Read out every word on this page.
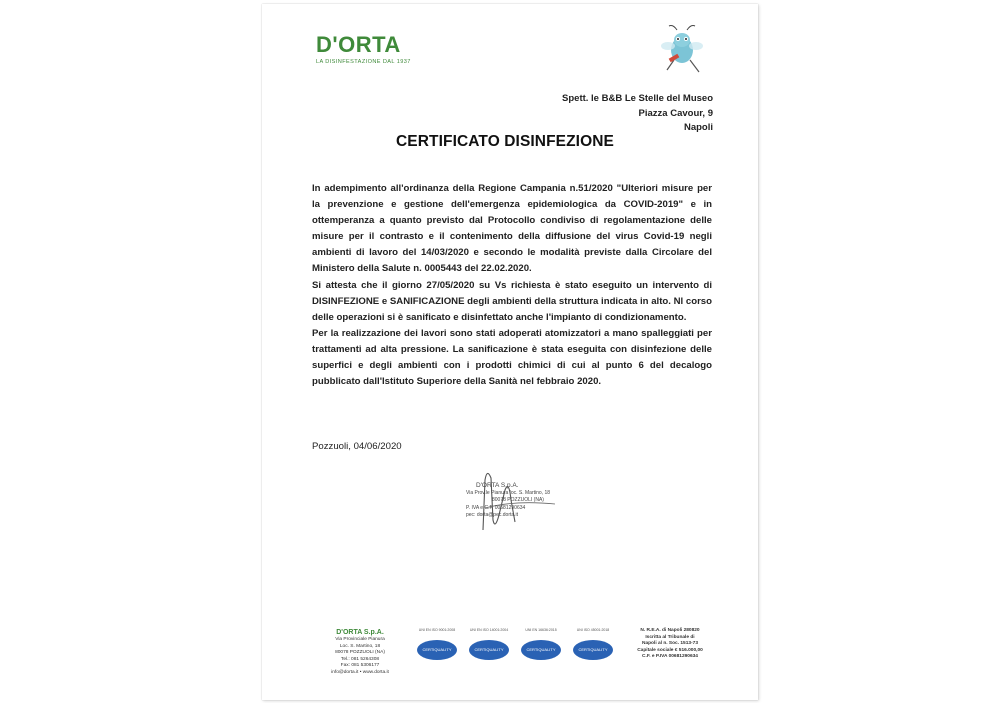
D'ORTA
LA DISINFESTAZIONE DAL 1937
Spett. le B&B Le Stelle del Museo
Piazza Cavour, 9
Napoli
CERTIFICATO DISINFEZIONE

In adempimento all'ordinanza della Regione Campania n.51/2020 "Ulteriori misure per la prevenzione e gestione dell'emergenza epidemiologica da COVID-2019" e in ottemperanza a quanto previsto dal Protocollo condiviso di regolamentazione delle misure per il contrasto e il contenimento della diffusione del virus Covid-19 negli ambienti di lavoro del 14/03/2020 e secondo le modalità previste dalla Circolare del Ministero della Salute n. 0005443 del 22.02.2020.

Si attesta che il giorno 27/05/2020 su Vs richiesta è stato eseguito un intervento di DISINFEZIONE e SANIFICAZIONE degli ambienti della struttura indicata in alto. Nl corso delle operazioni si è sanificato e disinfettato anche l'impianto di condizionamento.

Per la realizzazione dei lavori sono stati adoperati atomizzatori a mano spalleggiati per trattamenti ad alta pressione. La sanificazione è stata eseguita con disinfezione delle superfici e degli ambienti con i prodotti chimici di cui al punto 6 del decalogo pubblicato dall'Istituto Superiore della Sanità nel febbraio 2020.

Pozzuoli, 04/06/2020
D'ORTA S.p.A.
Via Prov.le Pianura loc. S. Martino, 18
80078 POZZUOLI (NA)
P. IVA e C.F. 00681290634
pec: dorta@pec.dorta.it
D'ORTA S.p.A.
Via Provinciale Pianura
Loc. S. Martino, 18
80078 POZZUOLI (NA)
Tel.: 081 5264308
Fax: 081 5306177
info@dorta.it • www.dorta.it
UNI EN ISO 9001:2008
CERTIQUALITY
UNI EN ISO 14001:2004
CERTIQUALITY
UNI EN 16636:2015
CERTIQUALITY
UNI ISO 45001:2018
CERTIQUALITY
N. R.E.A. di Napoli 280820
Iscritta al Tribunale di
Napoli al n. Soc. 1513-73
Capitale sociale € 516.000,00
C.F. e P.IVA 00681290634
